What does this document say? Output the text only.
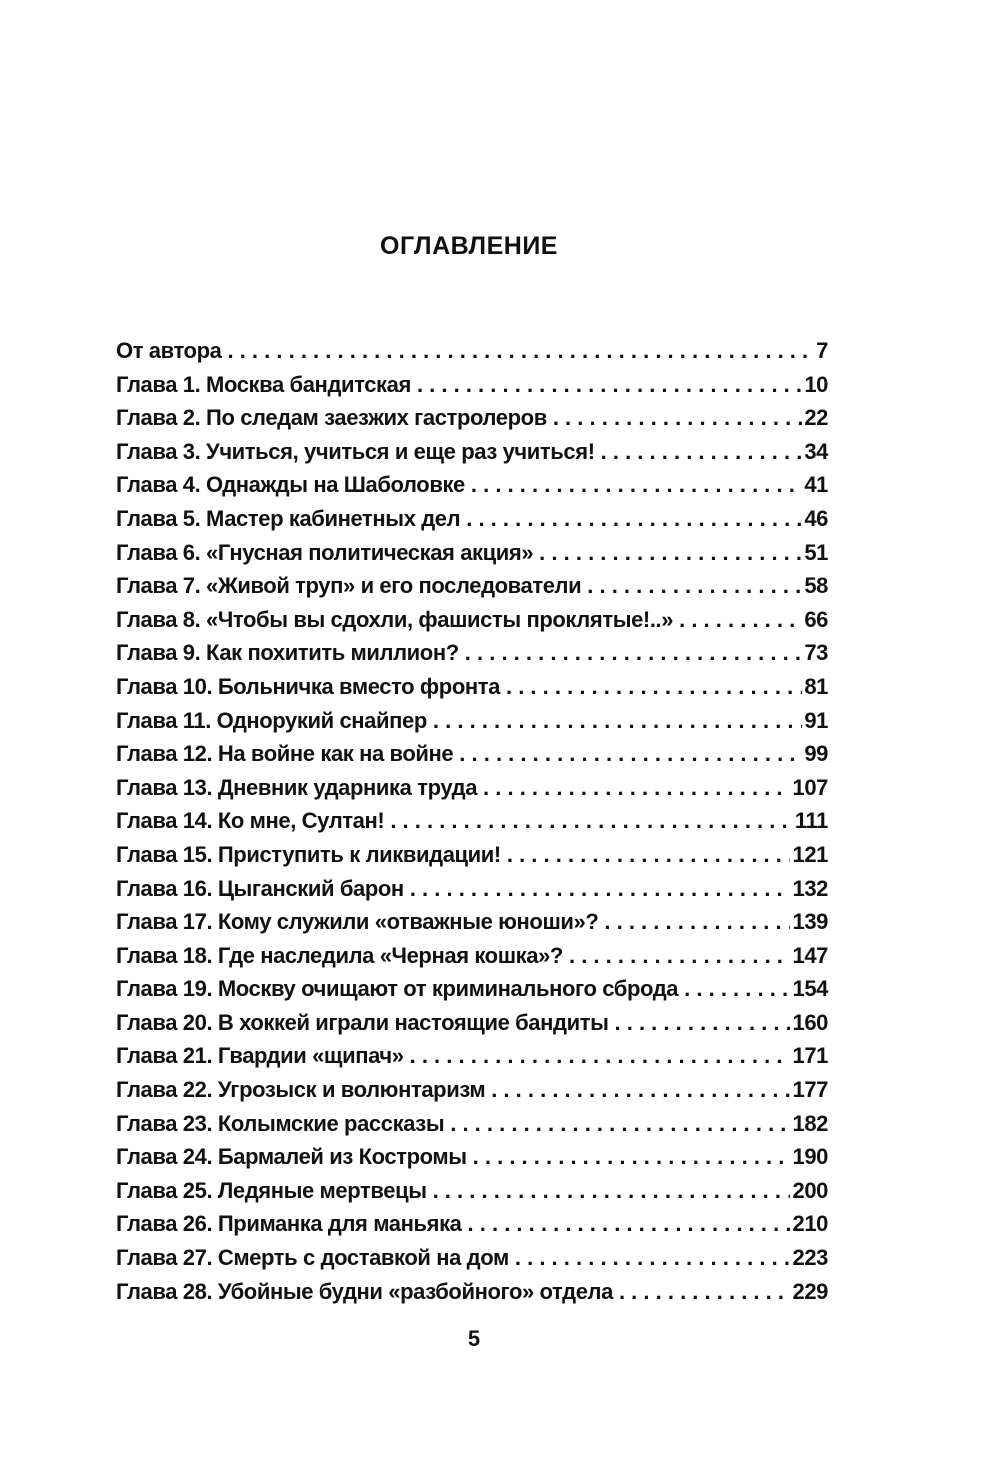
ОГЛАВЛЕНИЕ
От автора . . .	7
Глава 1. Москва бандитская . . .	10
Глава 2. По следам заезжих гастролеров . . .	22
Глава 3. Учиться, учиться и еще раз учиться! . . .	34
Глава 4. Однажды на Шаболовке . . .	41
Глава 5. Мастер кабинетных дел . . .	46
Глава 6. «Гнусная политическая акция» . . .	51
Глава 7. «Живой труп» и его последователи . . .	58
Глава 8. «Чтобы вы сдохли, фашисты проклятые!..» . . .	66
Глава 9. Как похитить миллион? . . .	73
Глава 10. Больничка вместо фронта . . .	81
Глава 11. Однорукий снайпер . . .	91
Глава 12. На войне как на войне . . .	99
Глава 13. Дневник ударника труда . . .	107
Глава 14. Ко мне, Султан! . . .	111
Глава 15. Приступить к ликвидации! . . .	121
Глава 16. Цыганский барон . . .	132
Глава 17. Кому служили «отважные юноши»? . . .	139
Глава 18. Где наследила «Черная кошка»? . . .	147
Глава 19. Москву очищают от криминального сброда . . .	154
Глава 20. В хоккей играли настоящие бандиты . . .	160
Глава 21. Гвардии «щипач» . . .	171
Глава 22. Угрозыск и волюнтаризм . . .	177
Глава 23. Колымские рассказы . . .	182
Глава 24. Бармалей из Костромы . . .	190
Глава 25. Ледяные мертвецы . . .	200
Глава 26. Приманка для маньяка . . .	210
Глава 27. Смерть с доставкой на дом . . .	223
Глава 28. Убойные будни «разбойного» отдела . . .	229
5
